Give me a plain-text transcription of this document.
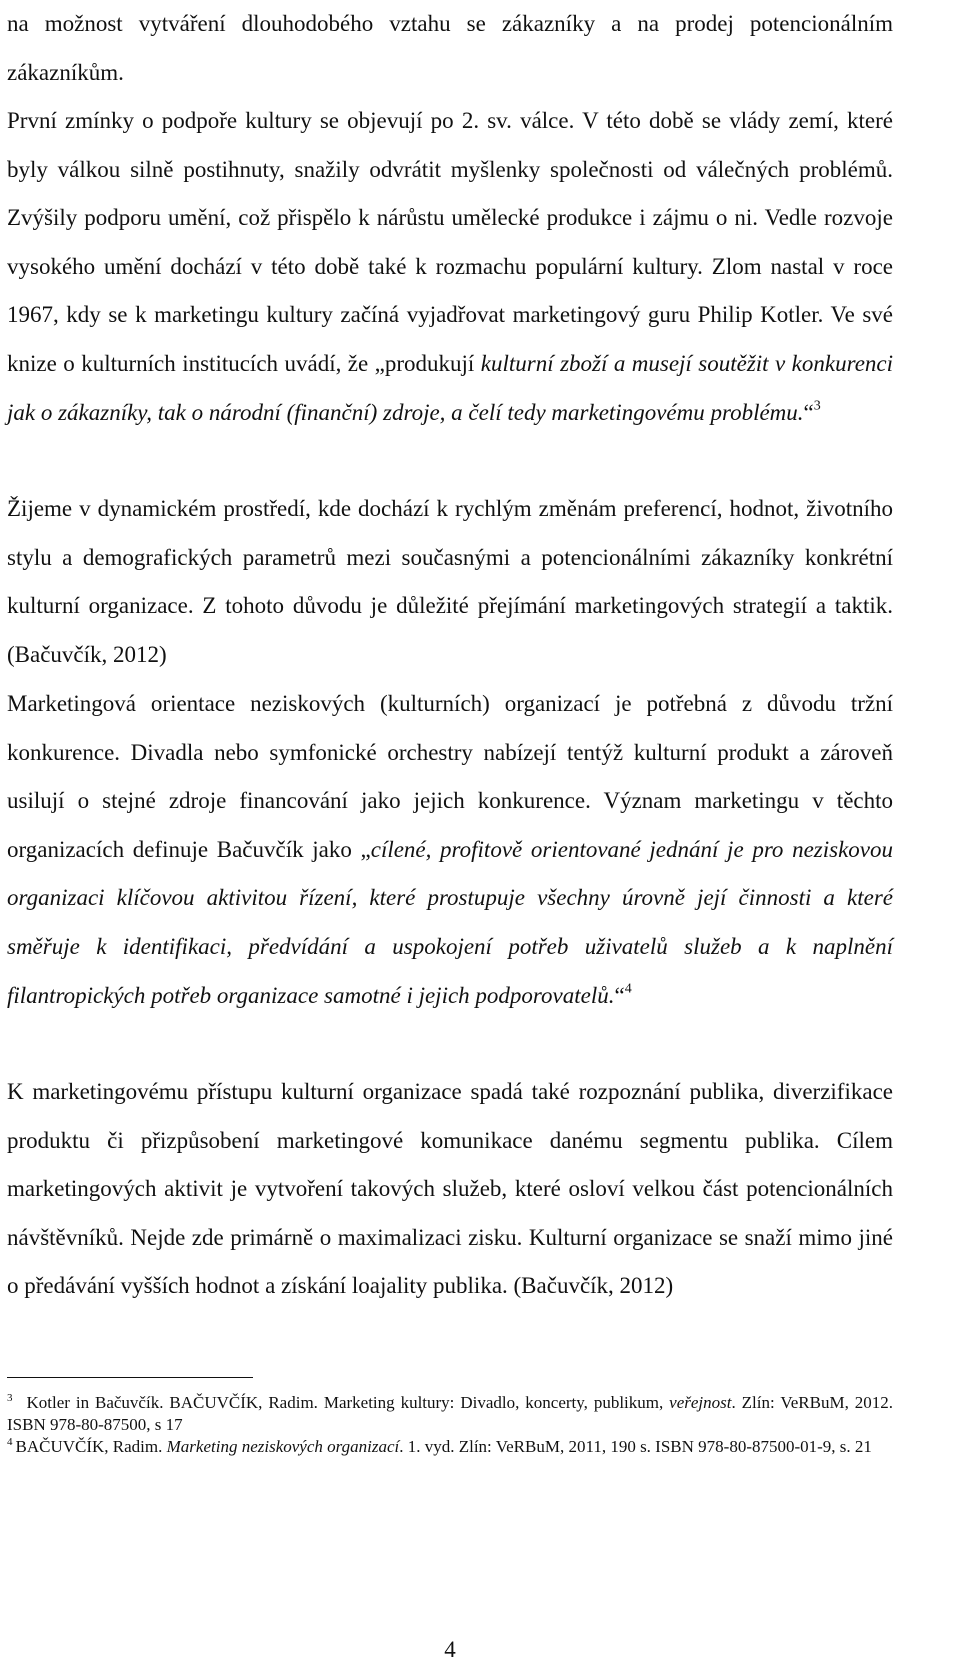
na možnost vytváření dlouhodobého vztahu se zákazníky a na prodej potencionálním zákazníkům.

První zmínky o podpoře kultury se objevují po 2. sv. válce. V této době se vlády zemí, které byly válkou silně postihnuty, snažily odvrátit myšlenky společnosti od válečných problémů. Zvýšily podporu umění, což přispělo k nárůstu umělecké produkce i zájmu o ni. Vedle rozvoje vysokého umění dochází v této době také k rozmachu populární kultury. Zlom nastal v roce 1967, kdy se k marketingu kultury začíná vyjadřovat marketingový guru Philip Kotler. Ve své knize o kulturních institucích uvádí, že „produkují kulturní zboží a musejí soutěžit v konkurenci jak o zákazníky, tak o národní (finanční) zdroje, a čelí tedy marketingovému problému.“$^3$

Žijeme v dynamickém prostředí, kde dochází k rychlým změnám preferencí, hodnot, životního stylu a demografických parametrů mezi současnými a potencionálními zákazníky konkrétní kulturní organizace. Z tohoto důvodu je důležité přejímání marketingových strategií a taktik. (Bačuvčík, 2012)

Marketingová orientace neziskových (kulturních) organizací je potřebná z důvodu tržní konkurence. Divadla nebo symfonické orchestry nabízejí tentýž kulturní produkt a zároveň usilují o stejné zdroje financování jako jejich konkurence. Význam marketingu v těchto organizacích definuje Bačuvčík jako „cílené, profitově orientované jednání je pro neziskovou organizaci klíčovou aktivitou řízení, které prostupuje všechny úrovně její činnosti a které směřuje k identifikaci, předvídání a uspokojení potřeb uživatelů služeb a k naplnění filantropických potřeb organizace samotné i jejich podporovatelů.“$^4$

K marketingovému přístupu kulturní organizace spadá také rozpoznání publika, diverzifikace produktu či přizpůsobení marketingové komunikace danému segmentu publika. Cílem marketingových aktivit je vytvoření takových služeb, které osloví velkou část potencionálních návštěvníků. Nejde zde primárně o maximalizaci zisku. Kulturní organizace se snaží mimo jiné o předávání vyšších hodnot a získání loajality publika. (Bačuvčík, 2012)

$^3$ Kotler in Bačuvčík. BAČUVČÍK, Radim. Marketing kultury: Divadlo, koncerty, publikum, veřejnost. Zlín: VeRBuM, 2012. ISBN 978-80-87500, s 17

$^4$ BAČUVČÍK, Radim. Marketing neziskových organizací. 1. vyd. Zlín: VeRBuM, 2011, 190 s. ISBN 978-80-87500-01-9, s. 21

4
